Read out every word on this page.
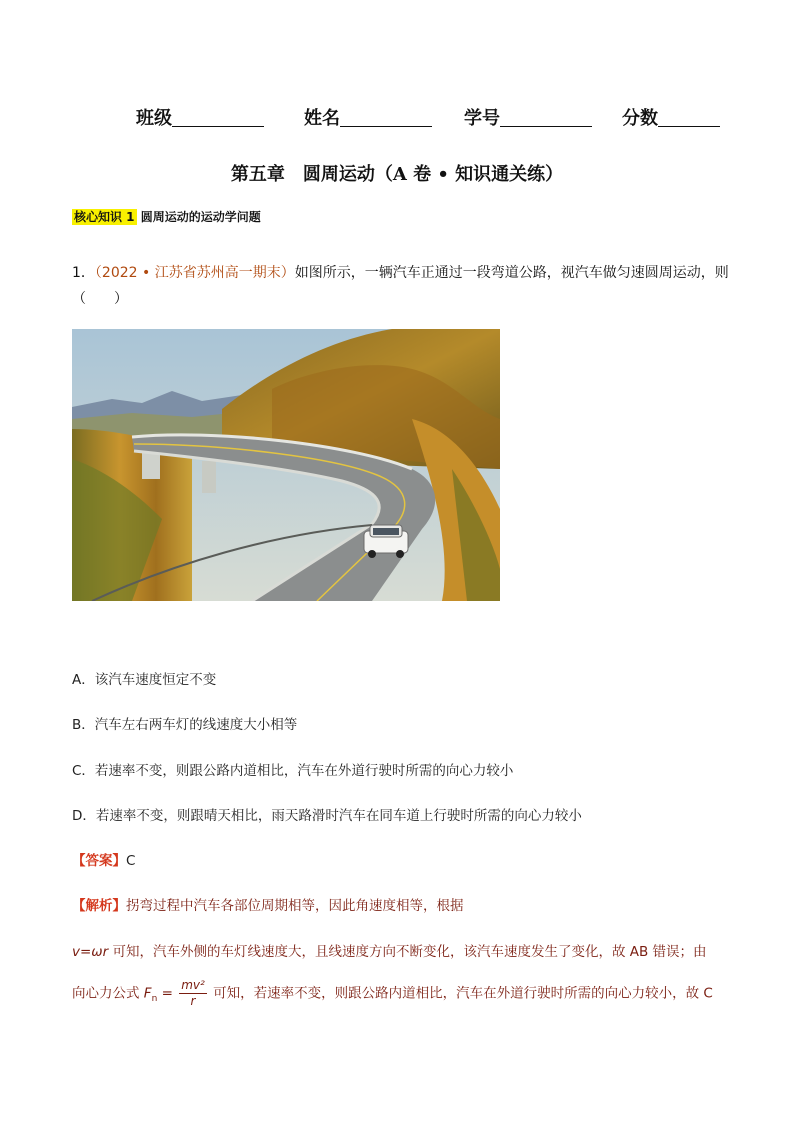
班级	姓名	学号	分数
第五章　圆周运动（A 卷 • 知识通关练）
核心知识 1 圆周运动的运动学问题
1．（2022 • 江苏省苏州高一期末）如图所示，一辆汽车正通过一段弯道公路，视汽车做匀速圆周运动，则
（　　）
A．该汽车速度恒定不变
B．汽车左右两车灯的线速度大小相等
C．若速率不变，则跟公路内道相比，汽车在外道行驶时所需的向心力较小
D．若速率不变，则跟晴天相比，雨天路滑时汽车在同车道上行驶时所需的向心力较小
【答案】C
【解析】拐弯过程中汽车各部位周期相等，因此角速度相等，根据
v=ωr 可知，汽车外侧的车灯线速度大，且线速度方向不断变化，该汽车速度发生了变化，故 AB 错误；由
向心力公式 $F_n = \frac{\text{mv²}}{r}$ 可知，若速率不变，则跟公路内道相比，汽车在外道行驶时所需的向心力较小，故 C
